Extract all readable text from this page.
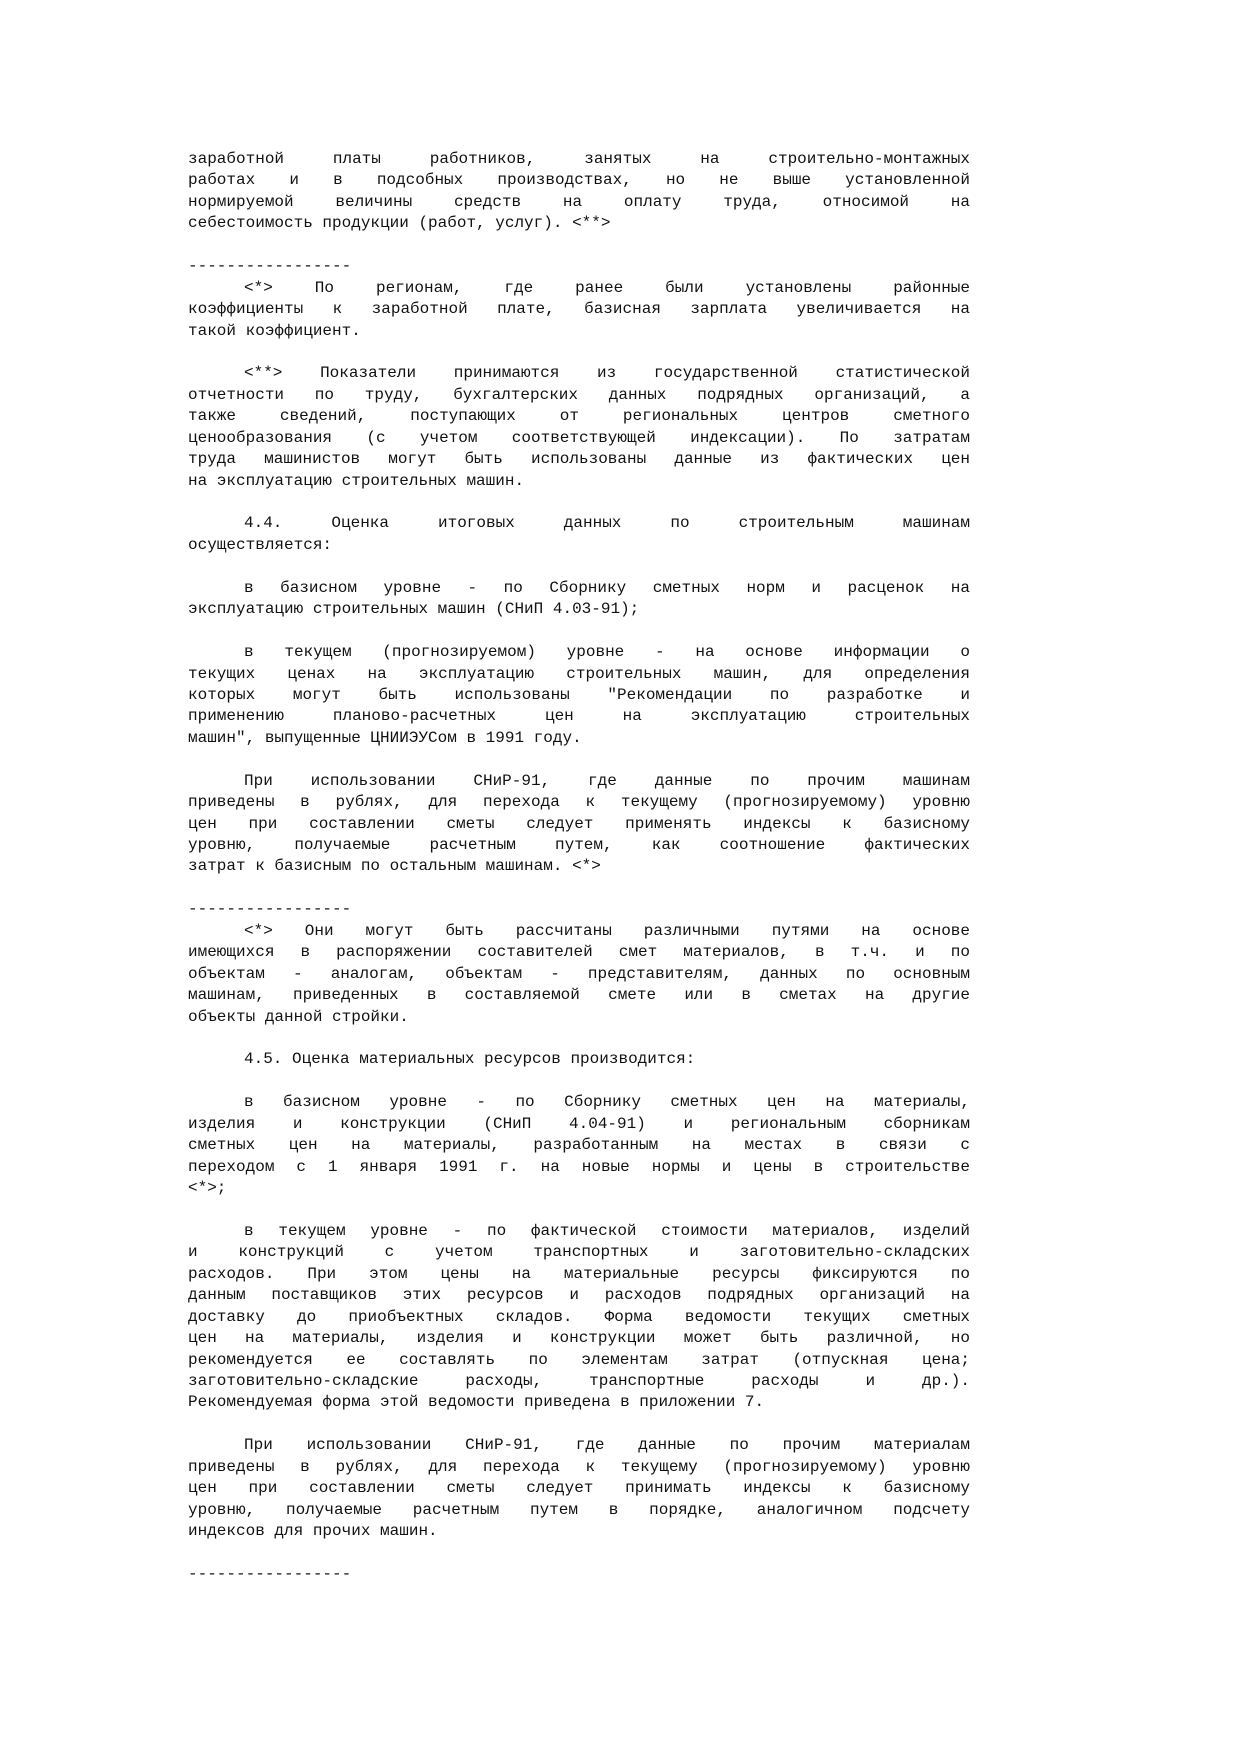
заработной платы работников, занятых на строительно-монтажных
работах и в подсобных производствах, но не выше установленной
нормируемой величины средств на оплату труда, относимой на
себестоимость продукции (работ, услуг). <**>
-----------------
<*> По регионам, где ранее были установлены районные
коэффициенты к заработной плате, базисная зарплата увеличивается на
такой коэффициент.
<**> Показатели принимаются из государственной статистической
отчетности по труду, бухгалтерских данных подрядных организаций, а
также сведений, поступающих от региональных центров сметного
ценообразования (с учетом соответствующей индексации). По затратам
труда машинистов могут быть использованы данные из фактических цен
на эксплуатацию строительных машин.
4.4. Оценка итоговых данных по строительным машинам
осуществляется:
в базисном уровне - по Сборнику сметных норм и расценок на
эксплуатацию строительных машин (СНиП 4.03-91);
в текущем (прогнозируемом) уровне - на основе информации о
текущих ценах на эксплуатацию строительных машин, для определения
которых могут быть использованы "Рекомендации по разработке и
применению планово-расчетных цен на эксплуатацию строительных
машин", выпущенные ЦНИИЭУСом в 1991 году.
При использовании СНиР-91, где данные по прочим машинам
приведены в рублях, для перехода к текущему (прогнозируемому) уровню
цен при составлении сметы следует применять индексы к базисному
уровню, получаемые расчетным путем, как соотношение фактических
затрат к базисным по остальным машинам. <*>
-----------------
<*> Они могут быть рассчитаны различными путями на основе
имеющихся в распоряжении составителей смет материалов, в т.ч. и по
объектам - аналогам, объектам - представителям, данных по основным
машинам, приведенных в составляемой смете или в сметах на другие
объекты данной стройки.
4.5. Оценка материальных ресурсов производится:
в базисном уровне - по Сборнику сметных цен на материалы,
изделия и конструкции (СНиП 4.04-91) и региональным сборникам
сметных цен на материалы, разработанным на местах в связи с
переходом с 1 января 1991 г. на новые нормы и цены в строительстве
<*>;
в текущем уровне - по фактической стоимости материалов, изделий
и конструкций с учетом транспортных и заготовительно-складских
расходов. При этом цены на материальные ресурсы фиксируются по
данным поставщиков этих ресурсов и расходов подрядных организаций на
доставку до приобъектных складов. Форма ведомости текущих сметных
цен на материалы, изделия и конструкции может быть различной, но
рекомендуется ее составлять по элементам затрат (отпускная цена;
заготовительно-складские расходы, транспортные расходы и др.).
Рекомендуемая форма этой ведомости приведена в приложении 7.
При использовании СНиР-91, где данные по прочим материалам
приведены в рублях, для перехода к текущему (прогнозируемому) уровню
цен при составлении сметы следует принимать индексы к базисному
уровню, получаемые расчетным путем в порядке, аналогичном подсчету
индексов для прочих машин.
-----------------
